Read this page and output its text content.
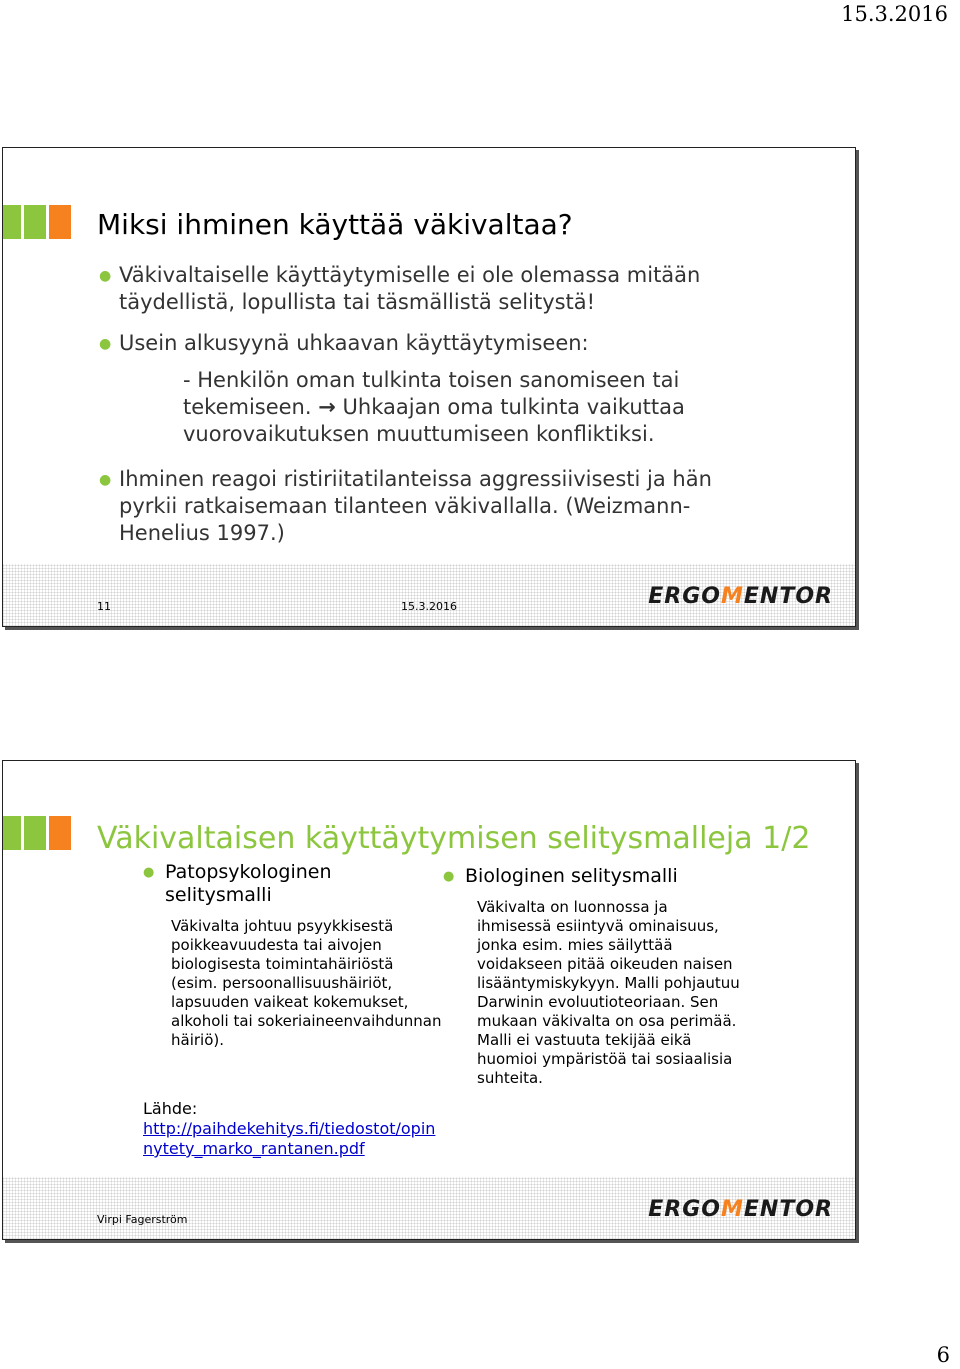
15.3.2016
Miksi ihminen käyttää väkivaltaa?

● Väkivaltaiselle käyttäytymiselle ei ole olemassa mitään täydellistä, lopullista tai täsmällistä selitystä!

● Usein alkusyynä uhkaavan käyttäytymiseen:

- Henkilön oman tulkinta toisen sanomiseen tai tekemiseen. → Uhkaajan oma tulkinta vaikuttaa vuorovaikutuksen muuttumiseen konfliktiksi.

● Ihminen reagoi ristiriitatilanteissa aggressiivisesti ja hän pyrkii ratkaisemaan tilanteen väkivallalla. (Weizmann-Henelius 1997.)

11	15.3.2016	ERGOMENTOR
Väkivaltaisen käyttäytymisen selitysmalleja 1/2
● Patopsykologinen selitysmalli
Väkivalta johtuu psyykkisestä poikkeavuudesta tai aivojen biologisesta toimintahäiriöstä (esim. persoonallisuushäiriöt, lapsuuden vaikeat kokemukset, alkoholi tai sokeriaineenvaihdunnan häiriö).
● Biologinen selitysmalli
Väkivalta on luonnossa ja ihmisessä esiintyvä ominaisuus, jonka esim. mies säilyttää voidakseen pitää oikeuden naisen lisääntymiskykyyn. Malli pohjautuu Darwinin evoluutioteoriaan. Sen mukaan väkivalta on osa perimää. Malli ei vastuuta tekijää eikä huomioi ympäristöä tai sosiaalisia suhteita.
Lähde:
http://paihdekehitys.fi/tiedostot/opin
nytety_marko_rantanen.pdf
Virpi Fagerström	ERGOMENTOR
6
